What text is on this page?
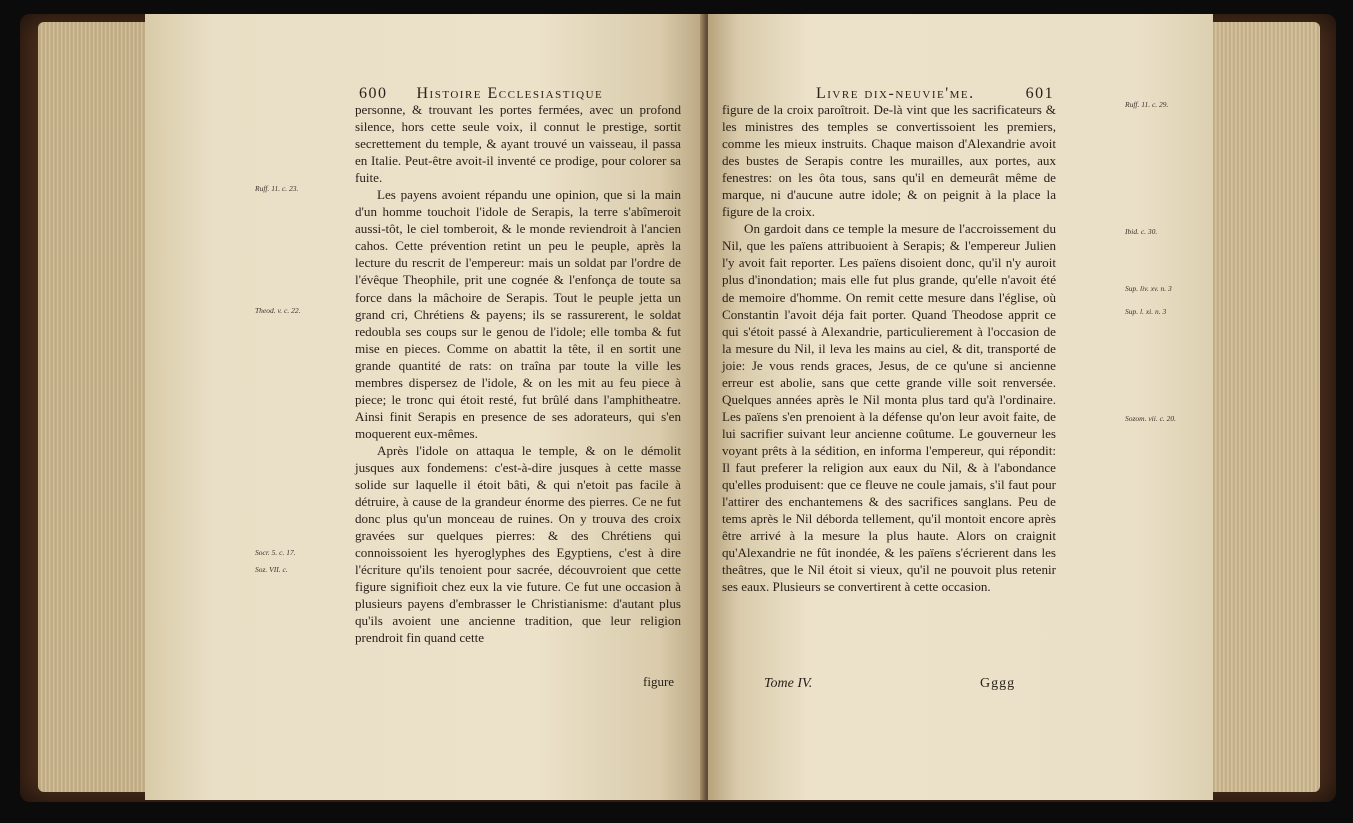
600 Histoire Ecclesiastique
Ruff. 11. c. 23.
Theod. v. c. 22.
Socr. 5. c. 17.
Soz. VII. c.

personne, & trouvant les portes fermées, avec un profond silence, hors cette seule voix, il connut le prestige, sortit secrettement du temple, & ayant trouvé un vaisseau, il passa en Italie. Peut-être avoit-il inventé ce prodige, pour colorer sa fuite.

Les payens avoient répandu une opinion, que si la main d'un homme touchoit l'idole de Serapis, la terre s'abîmeroit aussi-tôt, le ciel tomberoit, & le monde reviendroit à l'ancien cahos. Cette prévention retint un peu le peuple, après la lecture du rescrit de l'empereur: mais un soldat par l'ordre de l'évêque Theophile, prit une cognée & l'enfonça de toute sa force dans la mâchoire de Serapis. Tout le peuple jetta un grand cri, Chrétiens & payens; ils se rassurerent, le soldat redoubla ses coups sur le genou de l'idole; elle tomba & fut mise en pieces. Comme on abattit la tête, il en sortit une grande quantité de rats: on traîna par toute la ville les membres dispersez de l'idole, & on les mit au feu piece à piece; le tronc qui étoit resté, fut brûlé dans l'amphitheatre. Ainsi finit Serapis en presence de ses adorateurs, qui s'en moquerent eux-mêmes.

Après l'idole on attaqua le temple, & on le démolit jusques aux fondemens: c'est-à-dire jusques à cette masse solide sur laquelle il étoit bâti, & qui n'etoit pas facile à détruire, à cause de la grandeur énorme des pierres. Ce ne fut donc plus qu'un monceau de ruines. On y trouva des croix gravées sur quelques pierres: & des Chrétiens qui connoissoient les hyeroglyphes des Egyptiens, c'est à dire l'écriture qu'ils tenoient pour sacrée, découvroient que cette figure signifioit chez eux la vie future. Ce fut une occasion à plusieurs payens d'embrasser le Christianisme: d'autant plus qu'ils avoient une ancienne tradition, que leur religion prendroit fin quand cette

figure
Livre dix-neuvie'me.	601
Ruff. 11. c. 29.
Ibid. c. 30.
Sup. liv. xv. n. 3
Sup. l. xi. n. 3
Sozom. vii. c. 20.

figure de la croix paroîtroit. De-là vint que les sacrificateurs & les ministres des temples se convertissoient les premiers, comme les mieux instruits. Chaque maison d'Alexandrie avoit des bustes de Serapis contre les murailles, aux portes, aux fenestres: on les ôta tous, sans qu'il en demeurât même de marque, ni d'aucune autre idole; & on peignit à la place la figure de la croix.

On gardoit dans ce temple la mesure de l'accroissement du Nil, que les païens attribuoient à Serapis; & l'empereur Julien l'y avoit fait reporter. Les païens disoient donc, qu'il n'y auroit plus d'inondation; mais elle fut plus grande, qu'elle n'avoit été de memoire d'homme. On remit cette mesure dans l'église, où Constantin l'avoit déja fait porter. Quand Theodose apprit ce qui s'étoit passé à Alexandrie, particulierement à l'occasion de la mesure du Nil, il leva les mains au ciel, & dit, transporté de joie: Je vous rends graces, Jesus, de ce qu'une si ancienne erreur est abolie, sans que cette grande ville soit renversée. Quelques années après le Nil monta plus tard qu'à l'ordinaire. Les païens s'en prenoient à la défense qu'on leur avoit faite, de lui sacrifier suivant leur ancienne coûtume. Le gouverneur les voyant prêts à la sédition, en informa l'empereur, qui répondit: Il faut preferer la religion aux eaux du Nil, & à l'abondance qu'elles produisent: que ce fleuve ne coule jamais, s'il faut pour l'attirer des enchantemens & des sacrifices sanglans. Peu de tems après le Nil déborda tellement, qu'il montoit encore après être arrivé à la mesure la plus haute. Alors on craignit qu'Alexandrie ne fût inondée, & les païens s'écrierent dans les theâtres, que le Nil étoit si vieux, qu'il ne pouvoit plus retenir ses eaux. Plusieurs se convertirent à cette occasion.

Tome IV.	Gggg
